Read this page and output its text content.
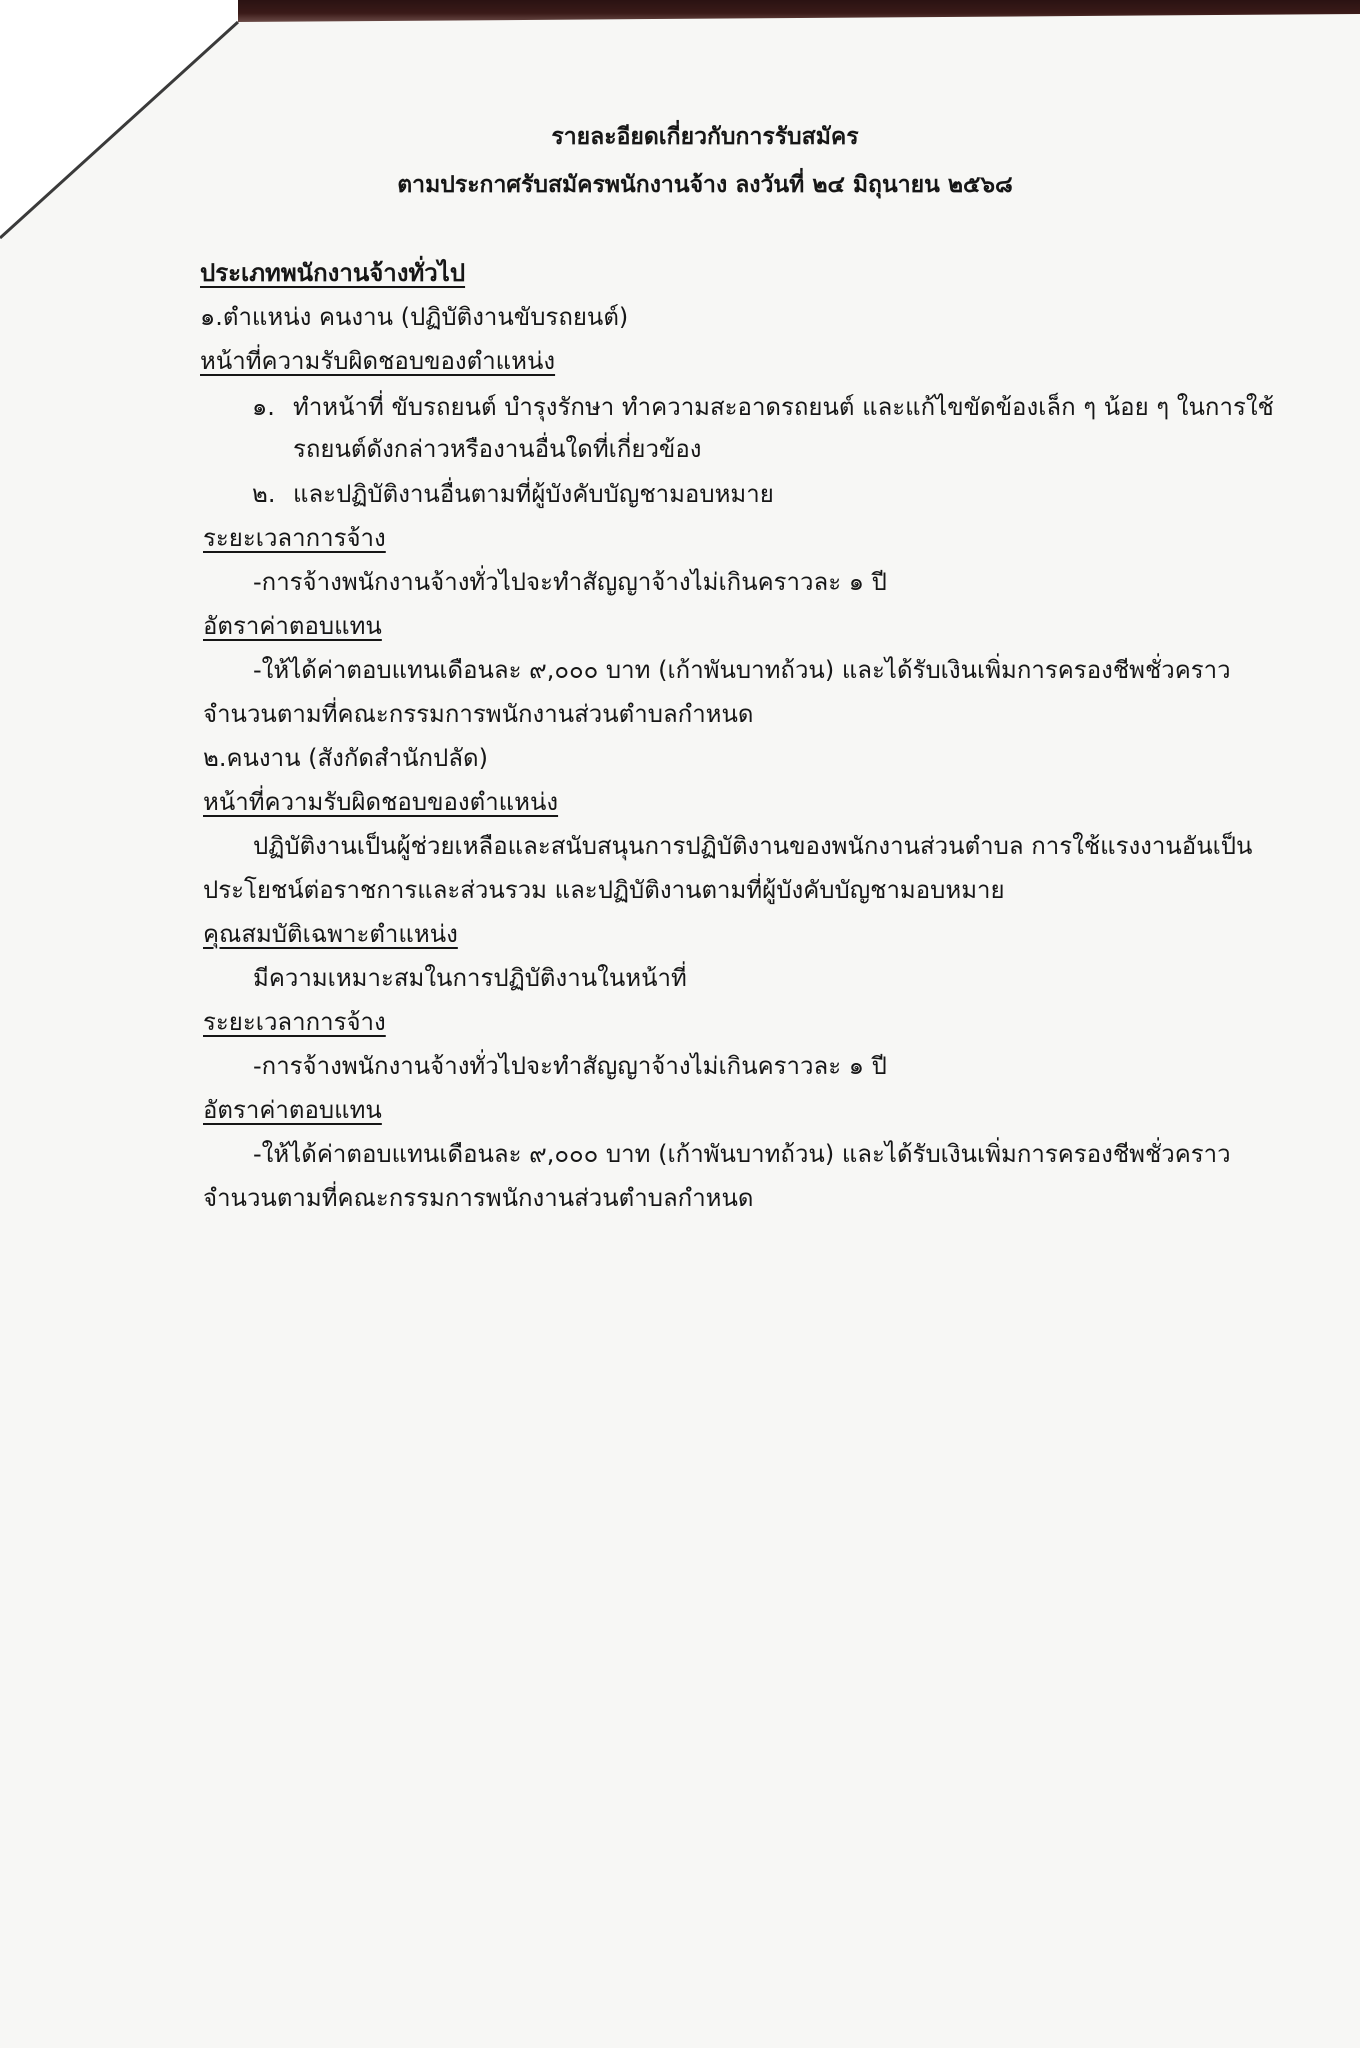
รายละอียดเกี่ยวกับการรับสมัคร
ตามประกาศรับสมัครพนักงานจ้าง ลงวันที่ ๒๔ มิถุนายน ๒๕๖๘
ประเภทพนักงานจ้างทั่วไป
๑.ตำแหน่ง คนงาน (ปฏิบัติงานขับรถยนต์)
หน้าที่ความรับผิดชอบของตำแหน่ง
๑. ทำหน้าที่ ขับรถยนต์ บำรุงรักษา ทำความสะอาดรถยนต์ และแก้ไขขัดข้องเล็ก ๆ น้อย ๆ ในการใช้
รถยนต์ดังกล่าวหรืองานอื่นใดที่เกี่ยวข้อง
๒. และปฏิบัติงานอื่นตามที่ผู้บังคับบัญชามอบหมาย
ระยะเวลาการจ้าง
-การจ้างพนักงานจ้างทั่วไปจะทำสัญญาจ้างไม่เกินคราวละ ๑ ปี
อัตราค่าตอบแทน
-ให้ได้ค่าตอบแทนเดือนละ ๙,๐๐๐ บาท (เก้าพันบาทถ้วน) และได้รับเงินเพิ่มการครองชีพชั่วคราว
จำนวนตามที่คณะกรรมการพนักงานส่วนตำบลกำหนด
๒.คนงาน (สังกัดสำนักปลัด)
หน้าที่ความรับผิดชอบของตำแหน่ง
ปฏิบัติงานเป็นผู้ช่วยเหลือและสนับสนุนการปฏิบัติงานของพนักงานส่วนตำบล การใช้แรงงานอันเป็น
ประโยชน์ต่อราชการและส่วนรวม และปฏิบัติงานตามที่ผู้บังคับบัญชามอบหมาย
คุณสมบัติเฉพาะตำแหน่ง
มีความเหมาะสมในการปฏิบัติงานในหน้าที่
ระยะเวลาการจ้าง
-การจ้างพนักงานจ้างทั่วไปจะทำสัญญาจ้างไม่เกินคราวละ ๑ ปี
อัตราค่าตอบแทน
-ให้ได้ค่าตอบแทนเดือนละ ๙,๐๐๐ บาท (เก้าพันบาทถ้วน) และได้รับเงินเพิ่มการครองชีพชั่วคราว
จำนวนตามที่คณะกรรมการพนักงานส่วนตำบลกำหนด
